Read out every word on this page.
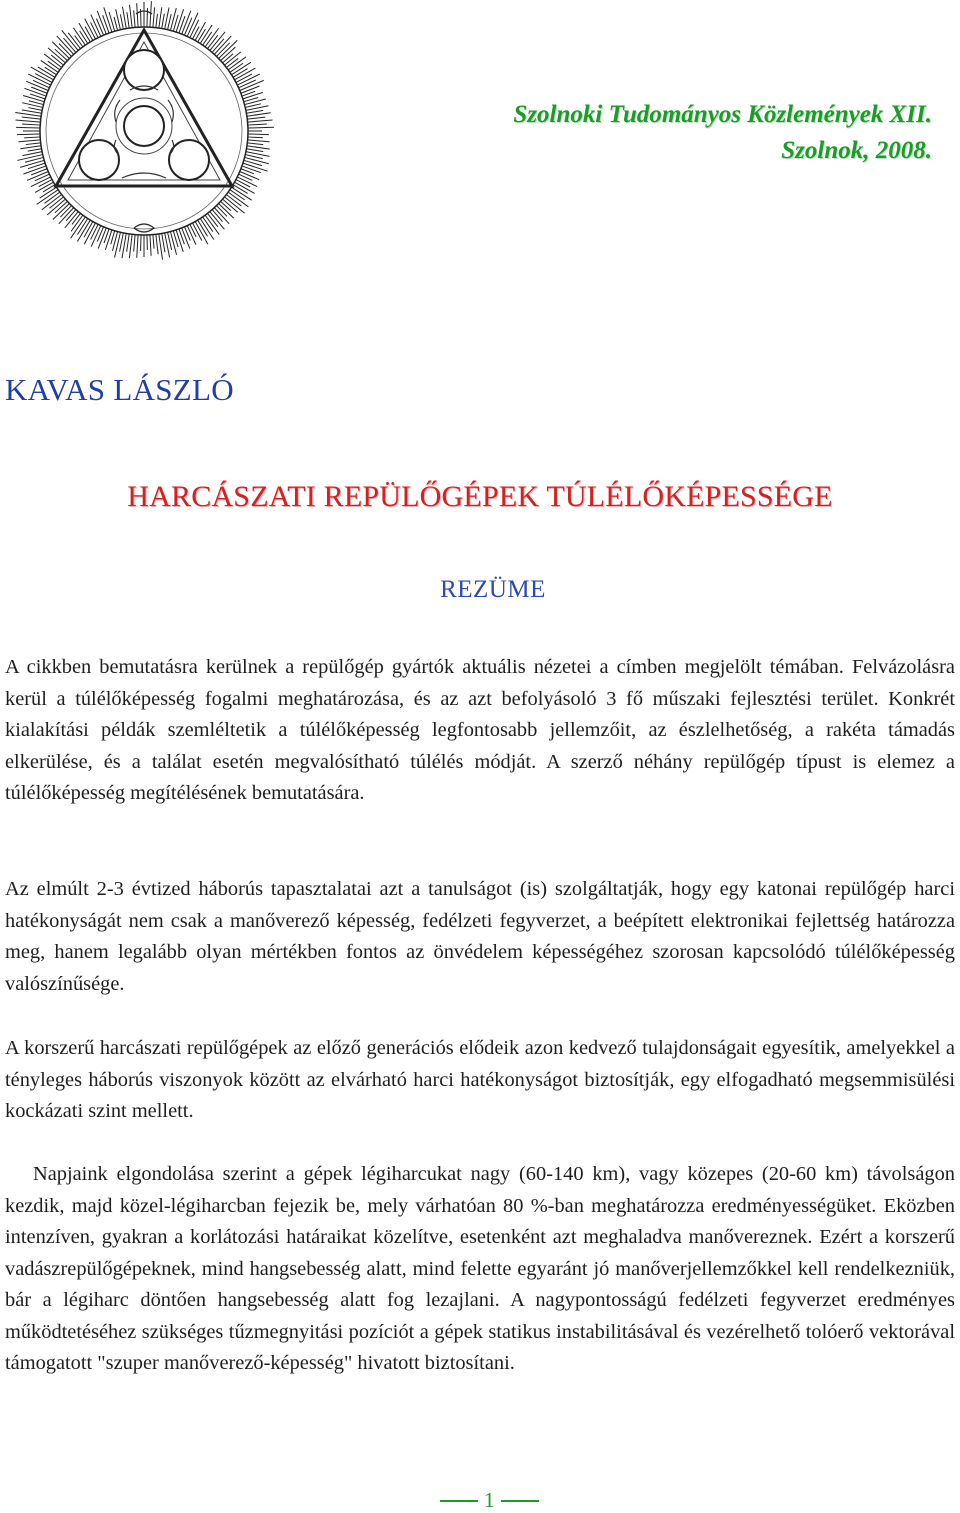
Szolnoki Tudományos Közlemények XII.
Szolnok, 2008.
KAVAS LÁSZLÓ
HARCÁSZATI REPÜLŐGÉPEK TÚLÉLŐKÉPESSÉGE
REZÜME
A cikkben bemutatásra kerülnek a repülőgép gyártók aktuális nézetei a címben megjelölt témában. Felvázolásra kerül a túlélőképesség fogalmi meghatározása, és az azt befolyásoló 3 fő műszaki fejlesztési terület. Konkrét kialakítási példák szemléltetik a túlélőképesség legfontosabb jellemzőit, az észlelhetőség, a rakéta támadás elkerülése, és a találat esetén megvalósítható túlélés módját. A szerző néhány repülőgép típust is elemez a túlélőképesség megítélésének bemutatására.
Az elmúlt 2-3 évtized háborús tapasztalatai azt a tanulságot (is) szolgáltatják, hogy egy katonai repülőgép harci hatékonyságát nem csak a manőverező képesség, fedélzeti fegyverzet, a beépített elektronikai fejlettség határozza meg, hanem legalább olyan mértékben fontos az önvédelem képességéhez szorosan kapcsolódó túlélőképesség valószínűsége.
A korszerű harcászati repülőgépek az előző generációs elődeik azon kedvező tulajdonságait egyesítik, amelyekkel a tényleges háborús viszonyok között az elvárható harci hatékonyságot biztosítják, egy elfogadható megsemmisülési kockázati szint mellett.
Napjaink elgondolása szerint a gépek légiharcukat nagy (60-140 km), vagy közepes (20-60 km) távolságon kezdik, majd közel-légiharcban fejezik be, mely várhatóan 80 %-ban meghatározza eredményességüket. Eközben intenzíven, gyakran a korlátozási határaikat közelítve, esetenként azt meghaladva manővereznek. Ezért a korszerű vadászrepülőgépeknek, mind hangsebesség alatt, mind felette egyaránt jó manőverjellemzőkkel kell rendelkezniük, bár a légiharc döntően hangsebesség alatt fog lezajlani. A nagypontosságú fedélzeti fegyverzet eredményes működtetéséhez szükséges tűzmegnyitási pozíciót a gépek statikus instabilitásával és vezérelhető tolóerő vektorával támogatott "szuper manőverező-képesség" hivatott biztosítani.
1
